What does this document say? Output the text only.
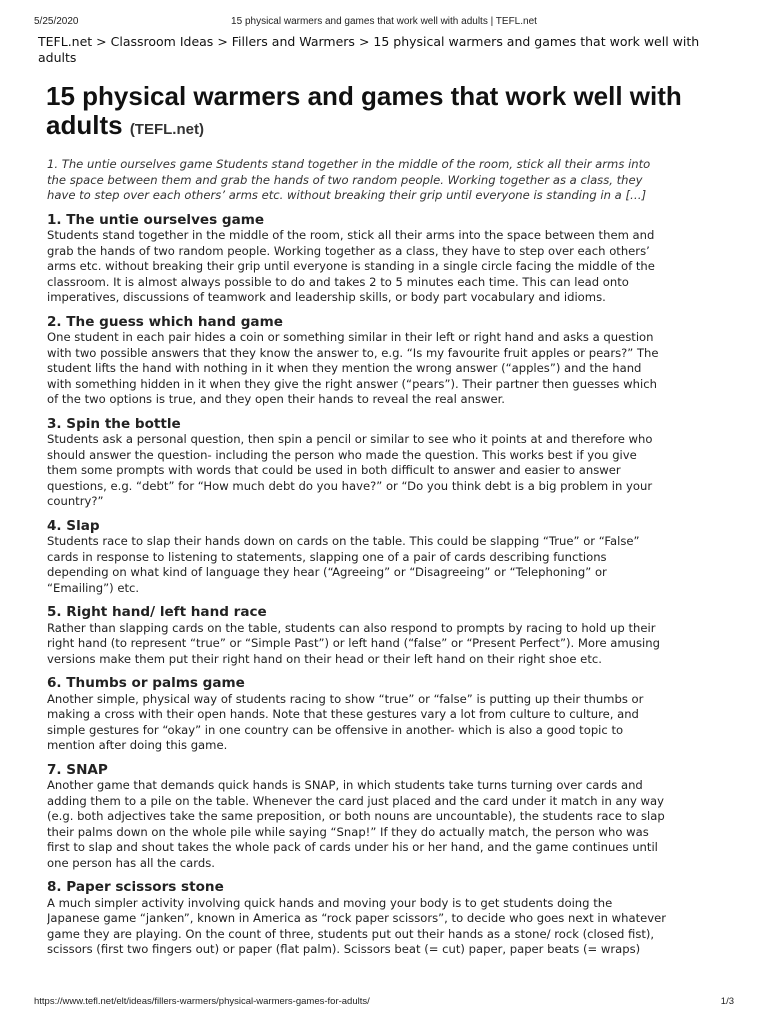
5/25/2020	15 physical warmers and games that work well with adults | TEFL.net
TEFL.net > Classroom Ideas > Fillers and Warmers > 15 physical warmers and games that work well with adults
15 physical warmers and games that work well with adults (TEFL.net)

1. The untie ourselves game Students stand together in the middle of the room, stick all their arms into
the space between them and grab the hands of two random people. Working together as a class, they
have to step over each others’ arms etc. without breaking their grip until everyone is standing in a […]

1. The untie ourselves game

Students stand together in the middle of the room, stick all their arms into the space between them and
grab the hands of two random people. Working together as a class, they have to step over each others’
arms etc. without breaking their grip until everyone is standing in a single circle facing the middle of the
classroom. It is almost always possible to do and takes 2 to 5 minutes each time. This can lead onto
imperatives, discussions of teamwork and leadership skills, or body part vocabulary and idioms.

2. The guess which hand game

One student in each pair hides a coin or something similar in their left or right hand and asks a question
with two possible answers that they know the answer to, e.g. “Is my favourite fruit apples or pears?” The
student lifts the hand with nothing in it when they mention the wrong answer (“apples”) and the hand
with something hidden in it when they give the right answer (“pears”). Their partner then guesses which
of the two options is true, and they open their hands to reveal the real answer.

3. Spin the bottle

Students ask a personal question, then spin a pencil or similar to see who it points at and therefore who
should answer the question- including the person who made the question. This works best if you give
them some prompts with words that could be used in both difficult to answer and easier to answer
questions, e.g. “debt” for “How much debt do you have?” or “Do you think debt is a big problem in your
country?”

4. Slap

Students race to slap their hands down on cards on the table. This could be slapping “True” or “False”
cards in response to listening to statements, slapping one of a pair of cards describing functions
depending on what kind of language they hear (“Agreeing” or “Disagreeing” or “Telephoning” or
“Emailing”) etc.

5. Right hand/ left hand race

Rather than slapping cards on the table, students can also respond to prompts by racing to hold up their
right hand (to represent “true” or “Simple Past”) or left hand (“false” or “Present Perfect”). More amusing
versions make them put their right hand on their head or their left hand on their right shoe etc.

6. Thumbs or palms game

Another simple, physical way of students racing to show “true” or “false” is putting up their thumbs or
making a cross with their open hands. Note that these gestures vary a lot from culture to culture, and
simple gestures for “okay” in one country can be offensive in another- which is also a good topic to
mention after doing this game.

7. SNAP

Another game that demands quick hands is SNAP, in which students take turns turning over cards and
adding them to a pile on the table. Whenever the card just placed and the card under it match in any way
(e.g. both adjectives take the same preposition, or both nouns are uncountable), the students race to slap
their palms down on the whole pile while saying “Snap!” If they do actually match, the person who was
first to slap and shout takes the whole pack of cards under his or her hand, and the game continues until
one person has all the cards.

8. Paper scissors stone

A much simpler activity involving quick hands and moving your body is to get students doing the
Japanese game “janken”, known in America as “rock paper scissors”, to decide who goes next in whatever
game they are playing. On the count of three, students put out their hands as a stone/ rock (closed fist),
scissors (first two fingers out) or paper (flat palm). Scissors beat (= cut) paper, paper beats (= wraps)

https://www.tefl.net/elt/ideas/fillers-warmers/physical-warmers-games-for-adults/	1/3
